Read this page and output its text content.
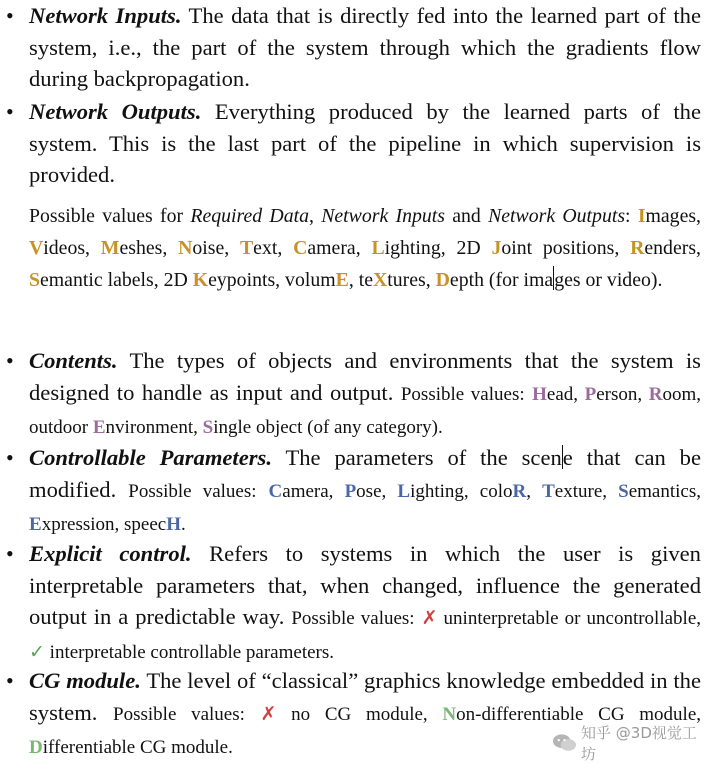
• Network Inputs. The data that is directly fed into the learned part of the system, i.e., the part of the system through which the gradients flow during backpropagation.
• Network Outputs. Everything produced by the learned parts of the system. This is the last part of the pipeline in which supervision is provided.
Possible values for Required Data, Network Inputs and Network Outputs: Images, Videos, Meshes, Noise, Text, Camera, Lighting, 2D Joint positions, Renders, Semantic labels, 2D Keypoints, volumE, teXtures, Depth (for images or video).
• Contents. The types of objects and environments that the system is designed to handle as input and output. Possible values: Head, Person, Room, outdoor Environment, Single object (of any category).
• Controllable Parameters. The parameters of the scene that can be modified. Possible values: Camera, Pose, Lighting, coloR, Texture, Semantics, Expression, speecH.
• Explicit control. Refers to systems in which the user is given interpretable parameters that, when changed, influence the generated output in a predictable way. Possible values: ✗ uninterpretable or uncontrollable, ✓ interpretable controllable parameters.
• CG module. The level of “classical” graphics knowledge embedded in the system. Possible values: ✗ no CG module, Non-differentiable CG module, Differentiable CG module.
知乎 @3D视觉工坊
